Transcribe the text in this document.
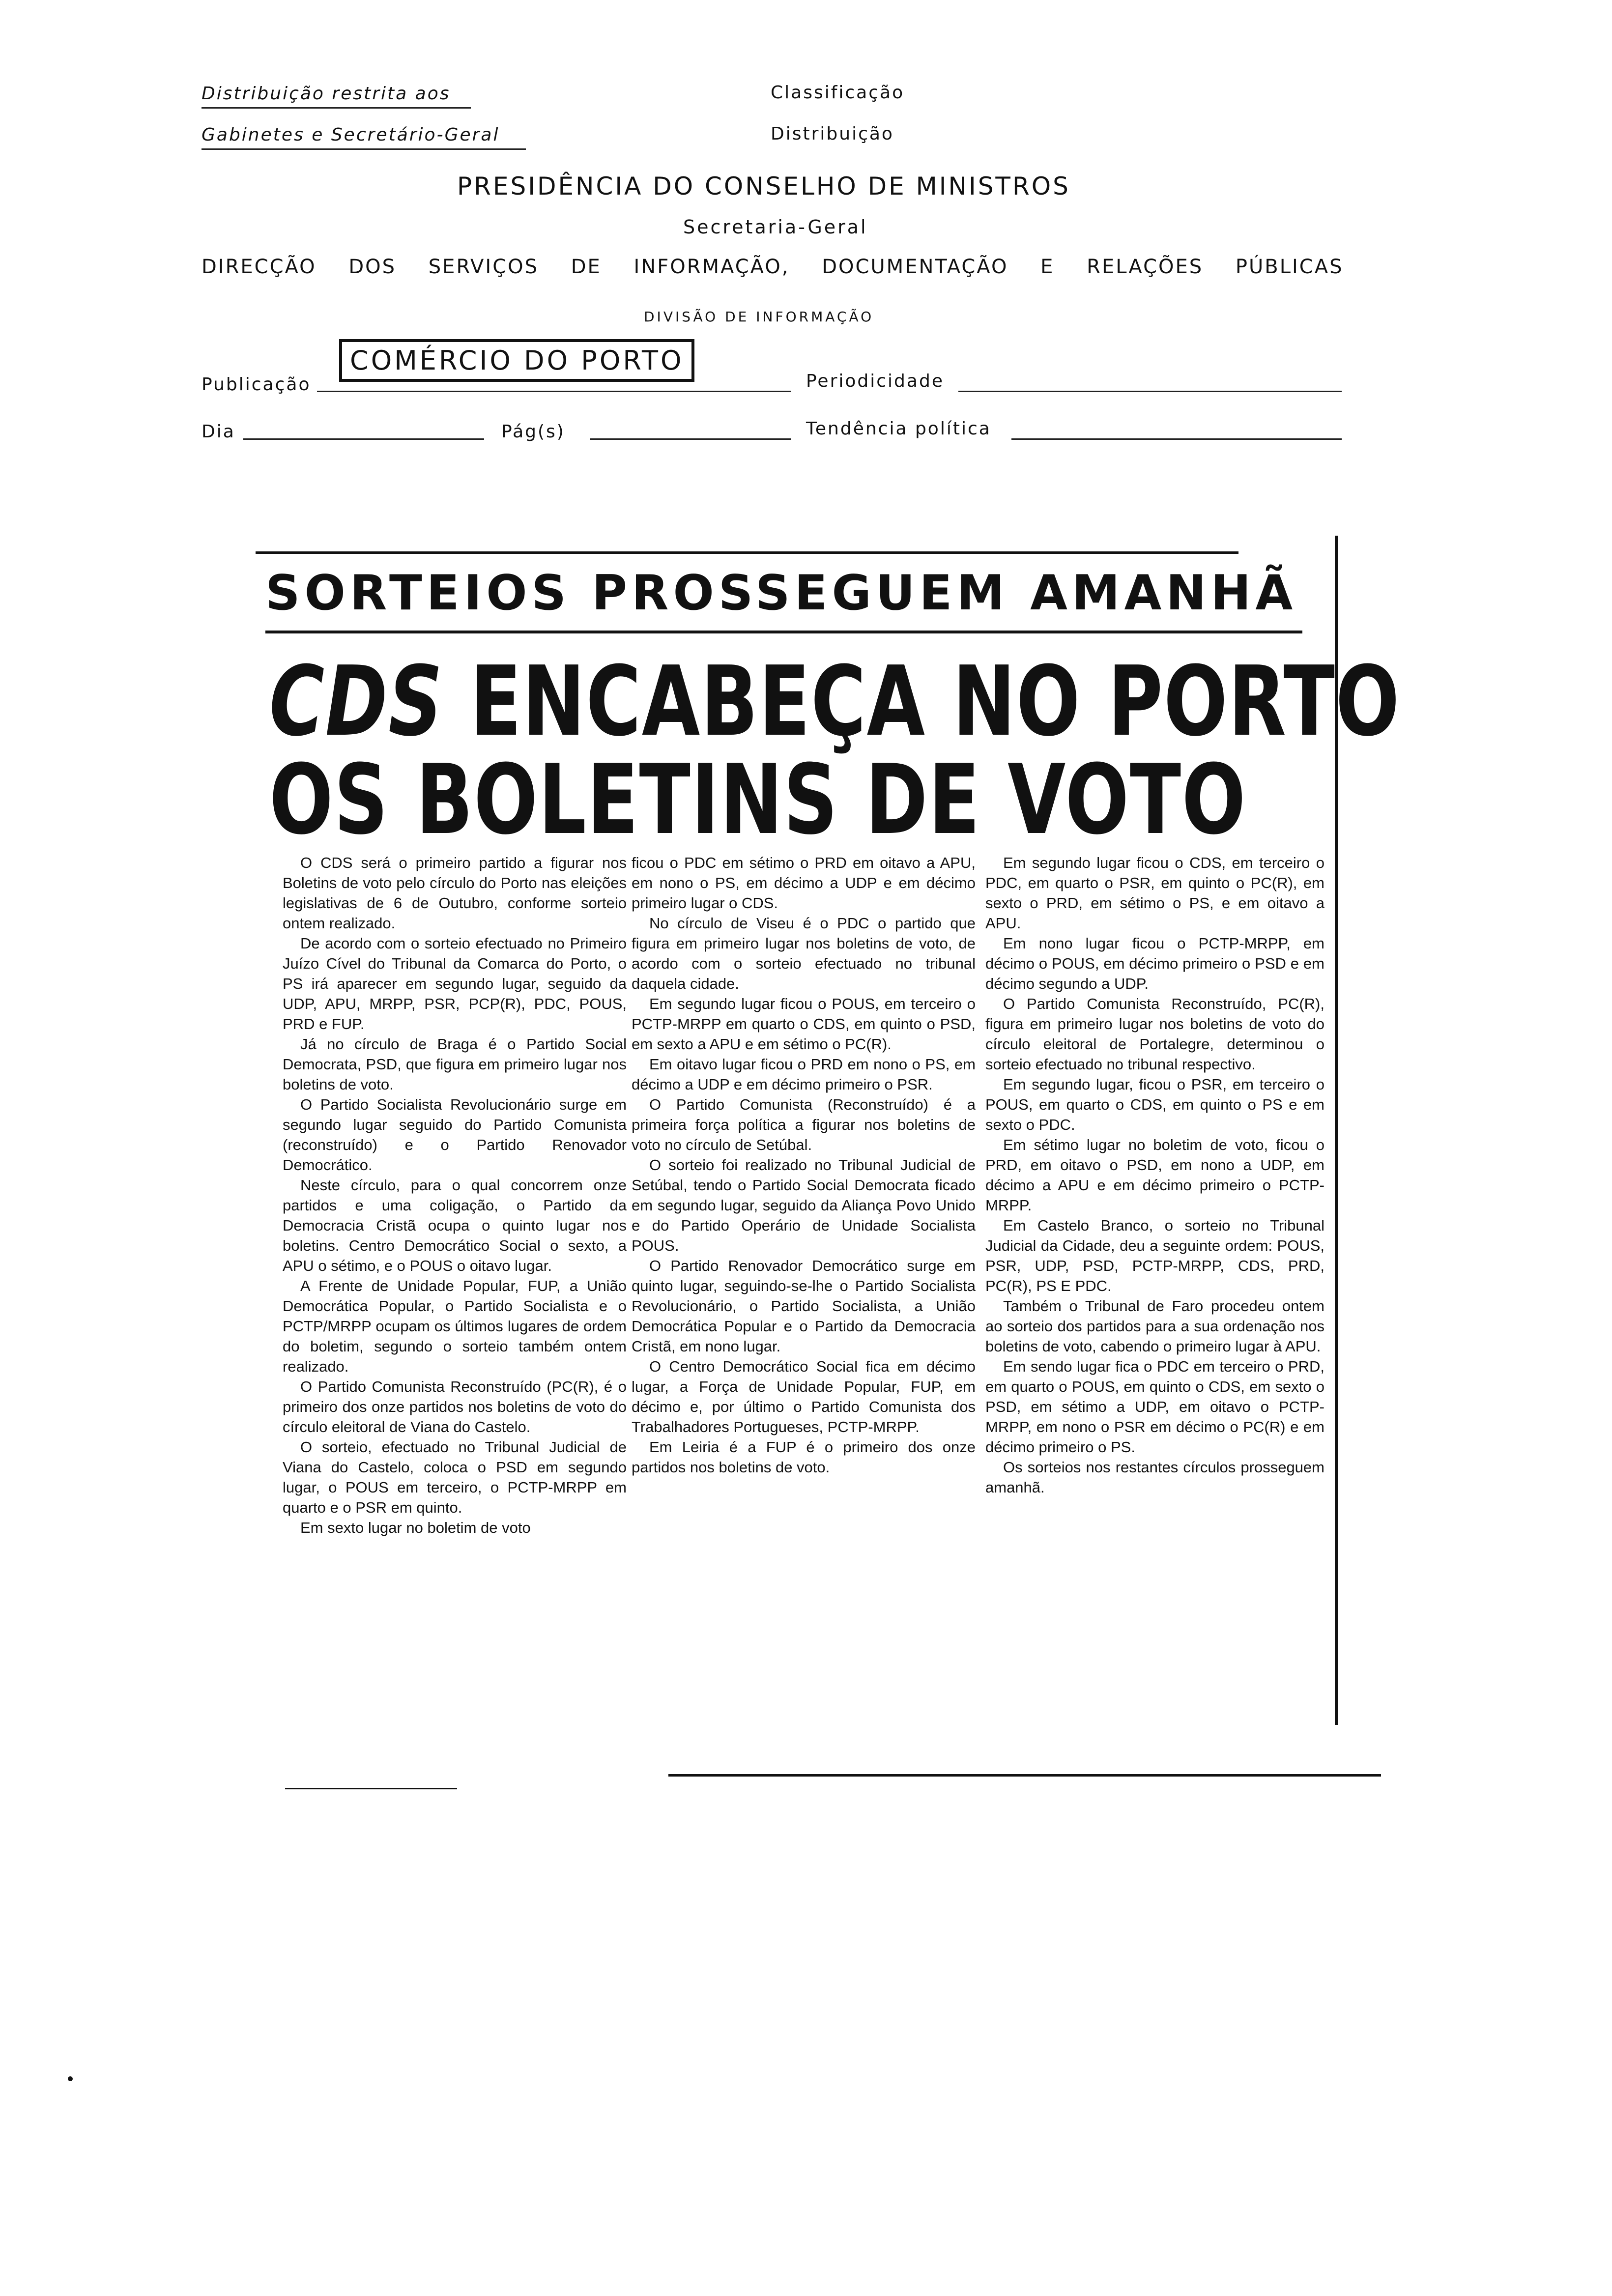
Distribuição restrita aos
Gabinetes e Secretário-Geral
Classificação
Distribuição
PRESIDÊNCIA DO CONSELHO DE MINISTROS
Secretaria-Geral
DIRECÇÃO DOS SERVIÇOS DE INFORMAÇÃO, DOCUMENTAÇÃO E RELAÇÕES PÚBLICAS
DIVISÃO DE INFORMAÇÃO
Publicação
COMÉRCIO DO PORTO
Periodicidade
Dia	Pág(s)	Tendência política
SORTEIOS PROSSEGUEM AMANHÃ
CDS ENCABEÇA NO PORTO
OS BOLETINS DE VOTO

O CDS será o primeiro partido a figurar nos Boletins de voto pelo círculo do Porto nas eleições legislativas de 6 de Outubro, conforme sorteio ontem realizado.

De acordo com o sorteio efectuado no Primeiro Juízo Cível do Tribunal da Comarca do Porto, o PS irá aparecer em segundo lugar, seguido da UDP, APU, MRPP, PSR, PCP(R), PDC, POUS, PRD e FUP.

Já no círculo de Braga é o Partido Social Democrata, PSD, que figura em primeiro lugar nos boletins de voto.

O Partido Socialista Revolucionário surge em segundo lugar seguido do Partido Comunista (reconstruído) e o Partido Renovador Democrático.

Neste círculo, para o qual concorrem onze partidos e uma coligação, o Partido da Democracia Cristã ocupa o quinto lugar nos boletins. Centro Democrático Social o sexto, a APU o sétimo, e o POUS o oitavo lugar.

A Frente de Unidade Popular, FUP, a União Democrática Popular, o Partido Socialista e o PCTP/MRPP ocupam os últimos lugares de ordem do boletim, segundo o sorteio também ontem realizado.

O Partido Comunista Reconstruído (PC(R), é o primeiro dos onze partidos nos boletins de voto do círculo eleitoral de Viana do Castelo.

O sorteio, efectuado no Tribunal Judicial de Viana do Castelo, coloca o PSD em segundo lugar, o POUS em terceiro, o PCTP-MRPP em quarto e o PSR em quinto.

Em sexto lugar no boletim de voto

ficou o PDC em sétimo o PRD em oitavo a APU, em nono o PS, em décimo a UDP e em décimo primeiro lugar o CDS.

No círculo de Viseu é o PDC o partido que figura em primeiro lugar nos boletins de voto, de acordo com o sorteio efectuado no tribunal daquela cidade.

Em segundo lugar ficou o POUS, em terceiro o PCTP-MRPP em quarto o CDS, em quinto o PSD, em sexto a APU e em sétimo o PC(R).

Em oitavo lugar ficou o PRD em nono o PS, em décimo a UDP e em décimo primeiro o PSR.

O Partido Comunista (Reconstruído) é a primeira força política a figurar nos boletins de voto no círculo de Setúbal.

O sorteio foi realizado no Tribunal Judicial de Setúbal, tendo o Partido Social Democrata ficado em segundo lugar, seguido da Aliança Povo Unido e do Partido Operário de Unidade Socialista POUS.

O Partido Renovador Democrático surge em quinto lugar, seguindo-se-lhe o Partido Socialista Revolucionário, o Partido Socialista, a União Democrática Popular e o Partido da Democracia Cristã, em nono lugar.

O Centro Democrático Social fica em décimo lugar, a Força de Unidade Popular, FUP, em décimo e, por último o Partido Comunista dos Trabalhadores Portugueses, PCTP-MRPP.

Em Leiria é a FUP é o primeiro dos onze partidos nos boletins de voto.

Em segundo lugar ficou o CDS, em terceiro o PDC, em quarto o PSR, em quinto o PC(R), em sexto o PRD, em sétimo o PS, e em oitavo a APU.

Em nono lugar ficou o PCTP-MRPP, em décimo o POUS, em décimo primeiro o PSD e em décimo segundo a UDP.

O Partido Comunista Reconstruído, PC(R), figura em primeiro lugar nos boletins de voto do círculo eleitoral de Portalegre, determinou o sorteio efectuado no tribunal respectivo.

Em segundo lugar, ficou o PSR, em terceiro o POUS, em quarto o CDS, em quinto o PS e em sexto o PDC.

Em sétimo lugar no boletim de voto, ficou o PRD, em oitavo o PSD, em nono a UDP, em décimo a APU e em décimo primeiro o PCTP-MRPP.

Em Castelo Branco, o sorteio no Tribunal Judicial da Cidade, deu a seguinte ordem: POUS, PSR, UDP, PSD, PCTP-MRPP, CDS, PRD, PC(R), PS E PDC.

Também o Tribunal de Faro procedeu ontem ao sorteio dos partidos para a sua ordenação nos boletins de voto, cabendo o primeiro lugar à APU.

Em sendo lugar fica o PDC em terceiro o PRD, em quarto o POUS, em quinto o CDS, em sexto o PSD, em sétimo a UDP, em oitavo o PCTP-MRPP, em nono o PSR em décimo o PC(R) e em décimo primeiro o PS.

Os sorteios nos restantes círculos prosseguem amanhã.
